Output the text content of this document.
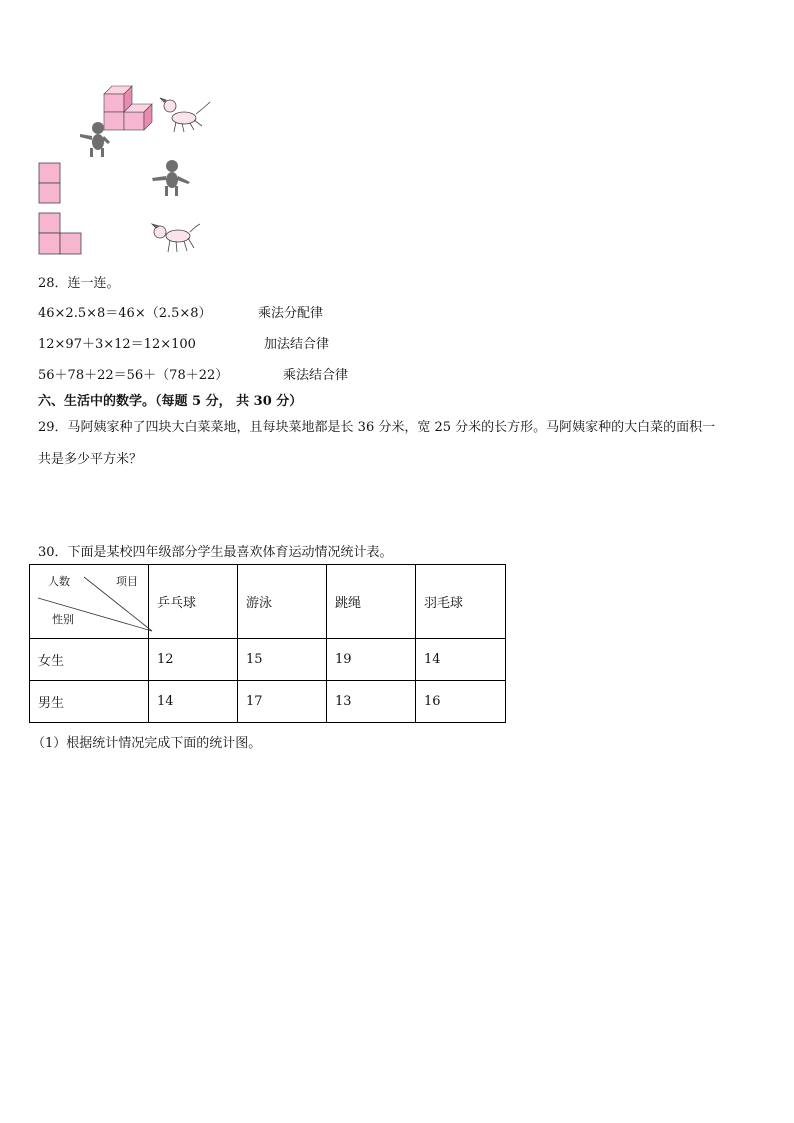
28．连一连。
46×2.5×8＝46×（2.5×8）	乘法分配律
12×97＋3×12＝12×100	加法结合律
56＋78＋22＝56＋（78＋22）	乘法结合律
六、生活中的数学。（每题 5 分， 共 30 分）
29．马阿姨家种了四块大白菜菜地，且每块菜地都是长 36 分米，宽 25 分米的长方形。马阿姨家种的大白菜的面积一
共是多少平方米？
30．下面是某校四年级部分学生最喜欢体育运动情况统计表。
人数 项目
性别	乒乓球	游泳	跳绳	羽毛球
女生	12	15	19	14
男生	14	17	13	16
（1）根据统计情况完成下面的统计图。
